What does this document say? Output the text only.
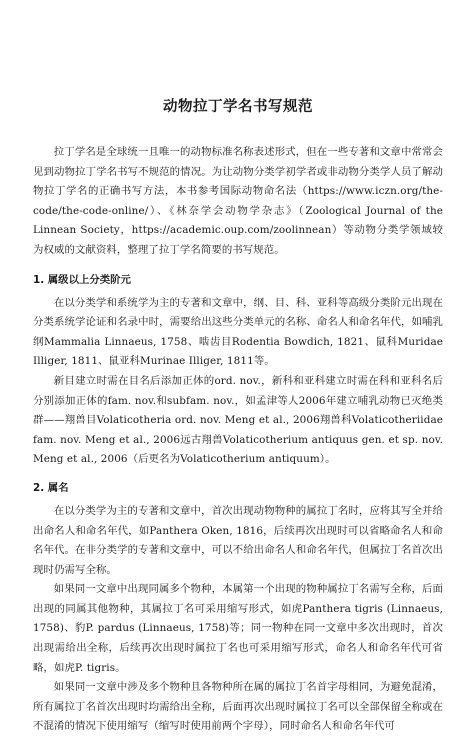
动物拉丁学名书写规范

拉丁学名是全球统一且唯一的动物标准名称表述形式，但在一些专著和文章中常常会见到动物拉丁学名书写不规范的情况。为让动物分类学初学者或非动物分类学人员了解动物拉丁学名的正确书写方法，本书参考国际动物命名法（https://www.iczn.org/the-code/the-code-online/）、《林奈学会动物学杂志》（Zoological Journal of the Linnean Society，https://academic.oup.com/zoolinnean）等动物分类学领域较为权威的文献资料，整理了拉丁学名简要的书写规范。

1. 属级以上分类阶元

在以分类学和系统学为主的专著和文章中，纲、目、科、亚科等高级分类阶元出现在分类系统学论证和名录中时，需要给出这些分类单元的名称、命名人和命名年代，如哺乳纲Mammalia Linnaeus, 1758、啮齿目Rodentia Bowdich, 1821、鼠科Muridae Illiger, 1811、鼠亚科Murinae Illiger, 1811等。

新目建立时需在目名后添加正体的ord. nov.，新科和亚科建立时需在科和亚科名后分别添加正体的fam. nov.和subfam. nov.，如孟津等人2006年建立哺乳动物已灭绝类群——翔兽目Volaticotheria ord. nov. Meng et al., 2006翔兽科Volaticotheriidae fam. nov. Meng et al., 2006远古翔兽Volaticotherium antiquus gen. et sp. nov. Meng et al., 2006（后更名为Volaticotherium antiquum）。

2. 属名

在以分类学为主的专著和文章中，首次出现动物物种的属拉丁名时，应将其写全并给出命名人和命名年代，如Panthera Oken, 1816，后续再次出现时可以省略命名人和命名年代。在非分类学的专著和文章中，可以不给出命名人和命名年代，但属拉丁名首次出现时仍需写全称。

如果同一文章中出现同属多个物种，本属第一个出现的物种属拉丁名需写全称，后面出现的同属其他物种，其属拉丁名可采用缩写形式，如虎Panthera tigris (Linnaeus, 1758)、豹P. pardus (Linnaeus, 1758)等；同一物种在同一文章中多次出现时，首次出现需给出全称，后续再次出现时属拉丁名也可采用缩写形式，命名人和命名年代可省略，如虎P. tigris。

如果同一文章中涉及多个物种且各物种所在属的属拉丁名首字母相同，为避免混淆，所有属拉丁名首次出现时均需给出全称，后面再次出现时属拉丁名可以全部保留全称或在不混淆的情况下使用缩写（缩写时使用前两个字母），同时命名人和命名年代可
